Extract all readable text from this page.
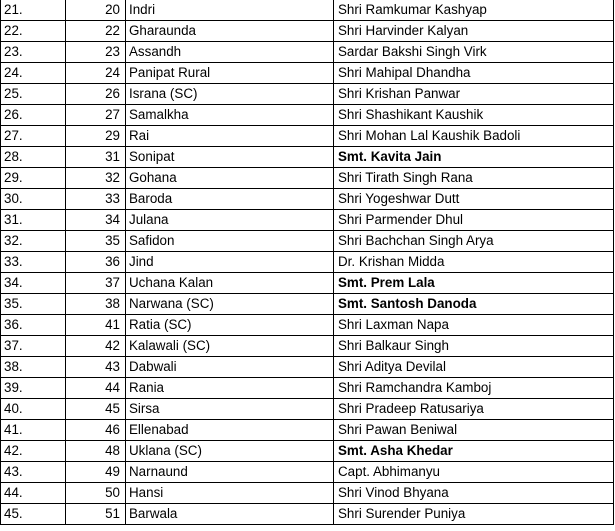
21.	20	Indri	Shri Ramkumar Kashyap
22.	22	Gharaunda	Shri Harvinder Kalyan
23.	23	Assandh	Sardar Bakshi Singh Virk
24.	24	Panipat Rural	Shri Mahipal Dhandha
25.	26	Israna (SC)	Shri Krishan Panwar
26.	27	Samalkha	Shri Shashikant Kaushik
27.	29	Rai	Shri Mohan Lal Kaushik Badoli
28.	31	Sonipat	Smt. Kavita Jain
29.	32	Gohana	Shri Tirath Singh Rana
30.	33	Baroda	Shri Yogeshwar Dutt
31.	34	Julana	Shri Parmender Dhul
32.	35	Safidon	Shri Bachchan Singh Arya
33.	36	Jind	Dr. Krishan Midda
34.	37	Uchana Kalan	Smt. Prem Lala
35.	38	Narwana (SC)	Smt. Santosh Danoda
36.	41	Ratia (SC)	Shri Laxman Napa
37.	42	Kalawali (SC)	Shri Balkaur Singh
38.	43	Dabwali	Shri Aditya Devilal
39.	44	Rania	Shri Ramchandra Kamboj
40.	45	Sirsa	Shri Pradeep Ratusariya
41.	46	Ellenabad	Shri Pawan Beniwal
42.	48	Uklana (SC)	Smt. Asha Khedar
43.	49	Narnaund	Capt. Abhimanyu
44.	50	Hansi	Shri Vinod Bhyana
45.	51	Barwala	Shri Surender Puniya
